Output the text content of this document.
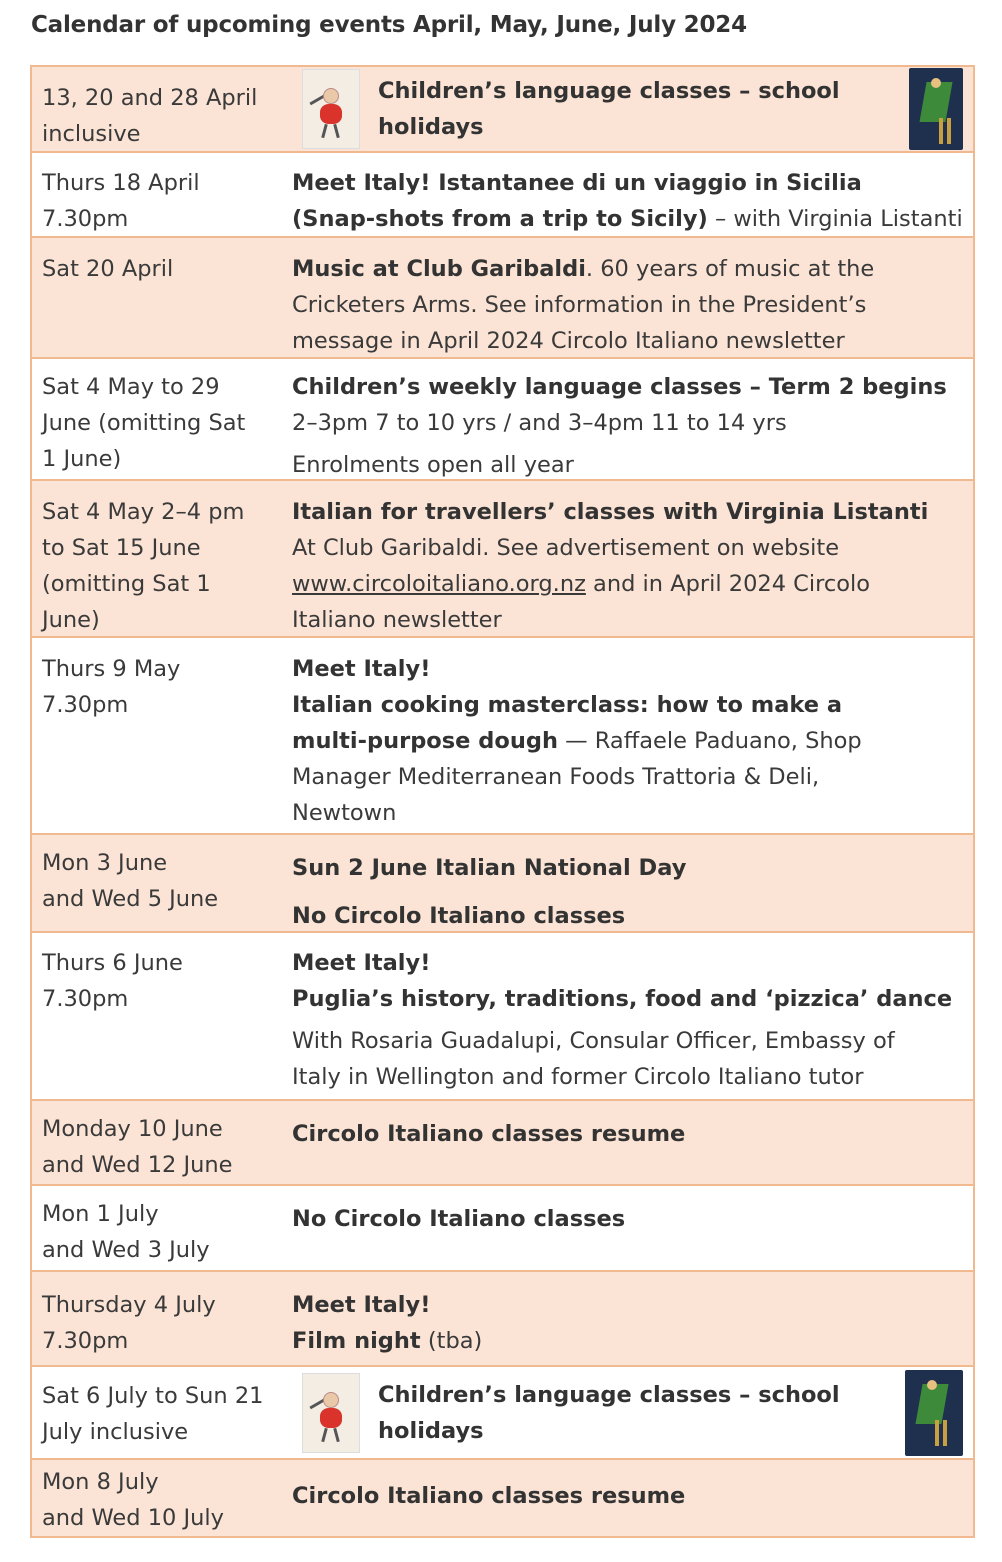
Calendar of upcoming events April, May, June, July 2024
13, 20 and 28 April
inclusive
Children’s language classes – school
holidays
Thurs 18 April
7.30pm
Meet Italy! Istantanee di un viaggio in Sicilia
(Snap-shots from a trip to Sicily) – with Virginia Listanti
Sat 20 April	Music at Club Garibaldi. 60 years of music at the
Cricketers Arms. See information in the President’s
message in April 2024 Circolo Italiano newsletter
Sat 4 May to 29
June (omitting Sat
1 June)
Children’s weekly language classes – Term 2 begins
2–3pm 7 to 10 yrs / and 3–4pm 11 to 14 yrs
Enrolments open all year
Sat 4 May 2–4 pm
to Sat 15 June
(omitting Sat 1
June)
Italian for travellers’ classes with Virginia Listanti
At Club Garibaldi. See advertisement on website
www.circoloitaliano.org.nz and in April 2024 Circolo
Italiano newsletter
Thurs 9 May
7.30pm
Meet Italy!
Italian cooking masterclass: how to make a
multi-purpose dough — Raffaele Paduano, Shop
Manager Mediterranean Foods Trattoria & Deli,
Newtown
Mon 3 June
and Wed 5 June
Sun 2 June Italian National Day
No Circolo Italiano classes
Thurs 6 June
7.30pm
Meet Italy!
Puglia’s history, traditions, food and ‘pizzica’ dance
With Rosaria Guadalupi, Consular Officer, Embassy of
Italy in Wellington and former Circolo Italiano tutor
Monday 10 June
and Wed 12 June
Circolo Italiano classes resume
Mon 1 July
and Wed 3 July
No Circolo Italiano classes
Thursday 4 July
7.30pm
Meet Italy!
Film night (tba)
Sat 6 July to Sun 21
July inclusive
Children’s language classes – school
holidays
Mon 8 July
and Wed 10 July
Circolo Italiano classes resume
